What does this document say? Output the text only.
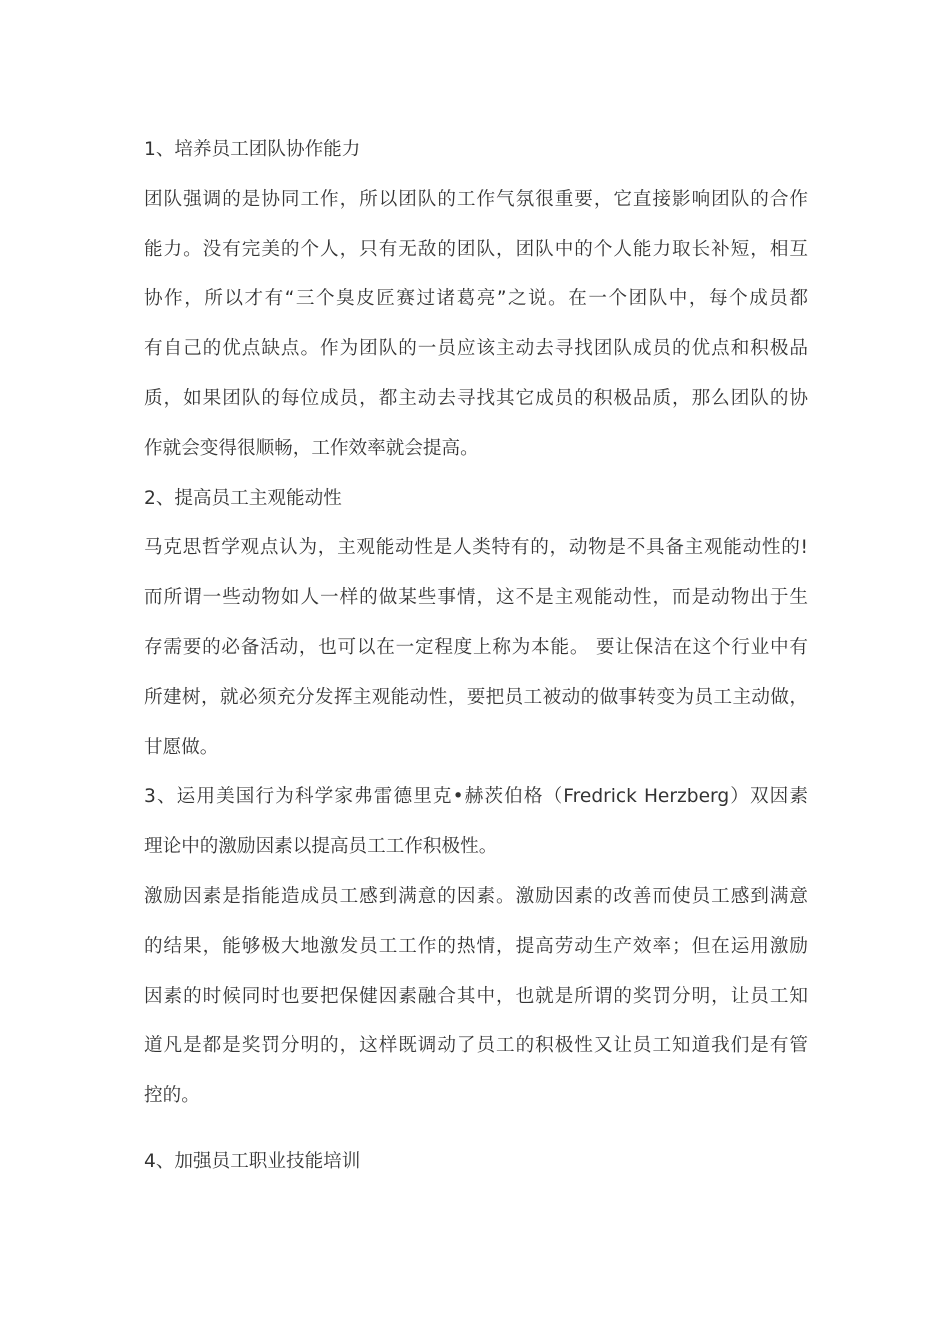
1、培养员工团队协作能力
团队强调的是协同工作，所以团队的工作气氛很重要，它直接影响团队的合作
能力。没有完美的个人，只有无敌的团队，团队中的个人能力取长补短，相互
协作，所以才有“三个臭皮匠赛过诸葛亮”之说。在一个团队中，每个成员都
有自己的优点缺点。作为团队的一员应该主动去寻找团队成员的优点和积极品
质，如果团队的每位成员，都主动去寻找其它成员的积极品质，那么团队的协
作就会变得很顺畅，工作效率就会提高。
2、提高员工主观能动性
马克思哲学观点认为，主观能动性是人类特有的，动物是不具备主观能动性的!
而所谓一些动物如人一样的做某些事情，这不是主观能动性，而是动物出于生
存需要的必备活动，也可以在一定程度上称为本能。 要让保洁在这个行业中有
所建树，就必须充分发挥主观能动性，要把员工被动的做事转变为员工主动做，
甘愿做。
3、运用美国行为科学家弗雷德里克•赫茨伯格（Fredrick Herzberg）双因素
理论中的激励因素以提高员工工作积极性。
激励因素是指能造成员工感到满意的因素。激励因素的改善而使员工感到满意
的结果，能够极大地激发员工工作的热情，提高劳动生产效率；但在运用激励
因素的时候同时也要把保健因素融合其中，也就是所谓的奖罚分明，让员工知
道凡是都是奖罚分明的，这样既调动了员工的积极性又让员工知道我们是有管
控的。
4、加强员工职业技能培训
